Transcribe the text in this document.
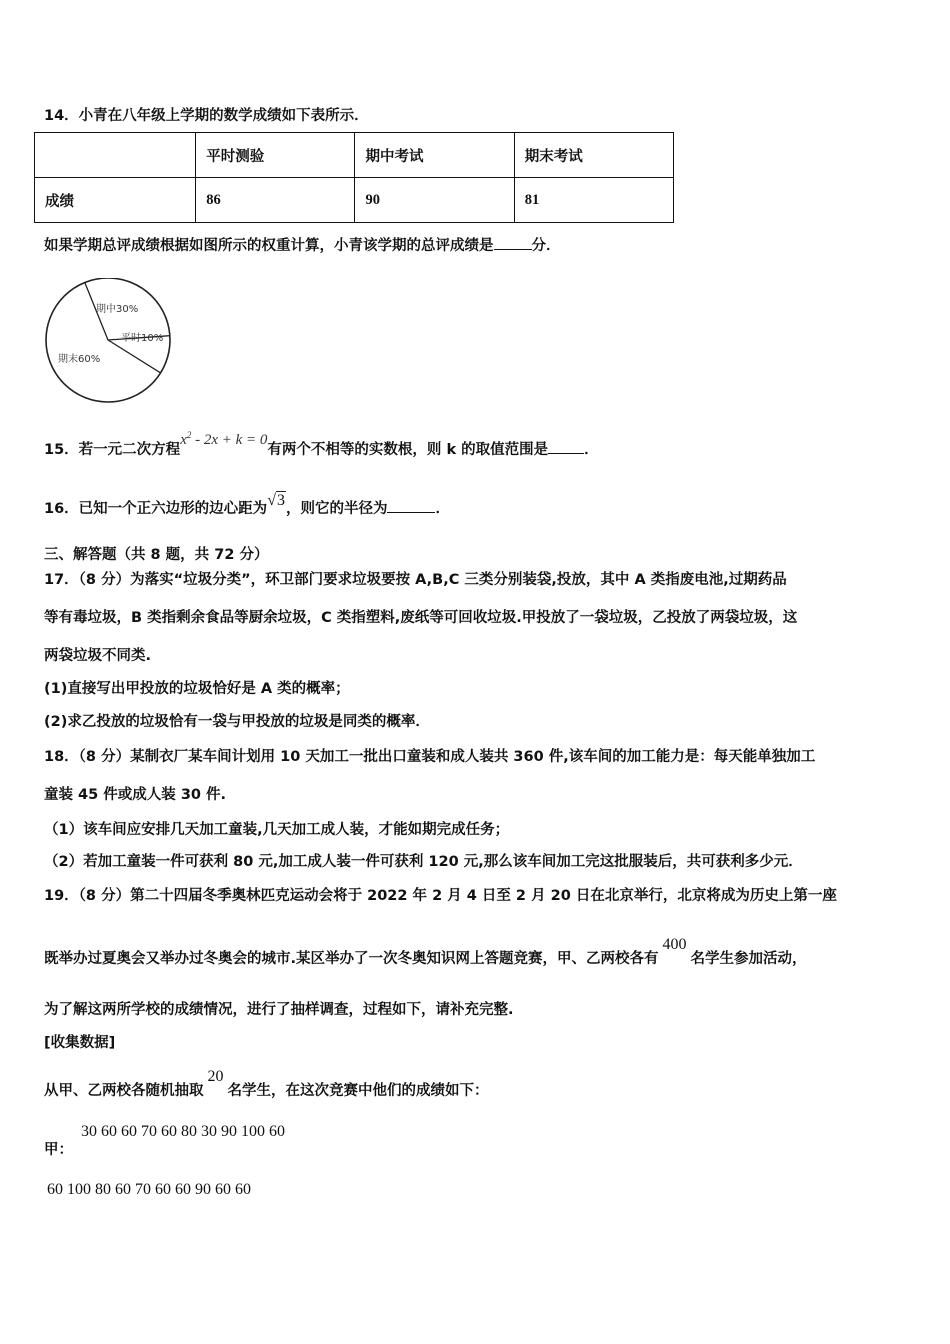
14．小青在八年级上学期的数学成绩如下表所示．
	平时测验	期中考试	期末考试
成绩	86	90	81
如果学期总评成绩根据如图所示的权重计算，小青该学期的总评成绩是	分．
期中30%
平时10%
期末60%
15．若一元二次方程$x^2 - 2x + k = 0$有两个不相等的实数根，则 k 的取值范围是 ．
16．已知一个正六边形的边心距为√3，则它的半径为	．
三、解答题（共 8 题，共 72 分）
17．（8 分）为落实“垃圾分类”，环卫部门要求垃圾要按 A,B,C 三类分别装袋,投放，其中 A 类指废电池,过期药品
等有毒垃圾，B 类指剩余食品等厨余垃圾，C 类指塑料,废纸等可回收垃圾.甲投放了一袋垃圾，乙投放了两袋垃圾，这
两袋垃圾不同类.
(1)直接写出甲投放的垃圾恰好是 A 类的概率；
(2)求乙投放的垃圾恰有一袋与甲投放的垃圾是同类的概率．
18．（8 分）某制衣厂某车间计划用 10 天加工一批出口童装和成人装共 360 件,该车间的加工能力是：每天能单独加工
童装 45 件或成人装 30 件.
（1）该车间应安排几天加工童装,几天加工成人装，才能如期完成任务；
（2）若加工童装一件可获利 80 元,加工成人装一件可获利 120 元,那么该车间加工完这批服装后，共可获利多少元．
19．（8 分）第二十四届冬季奥林匹克运动会将于 2022 年 2 月 4 日至 2 月 20 日在北京举行，北京将成为历史上第一座
既举办过夏奥会又举办过冬奥会的城市.某区举办了一次冬奥知识网上答题竞赛，甲、乙两校各有400名学生参加活动，
为了解这两所学校的成绩情况，进行了抽样调查，过程如下，请补充完整.
[收集数据]
从甲、乙两校各随机抽取20名学生，在这次竞赛中他们的成绩如下：
甲：
30 60 60 70 60 80 30 90 100 60
60 100 80 60 70 60 60 90 60 60
